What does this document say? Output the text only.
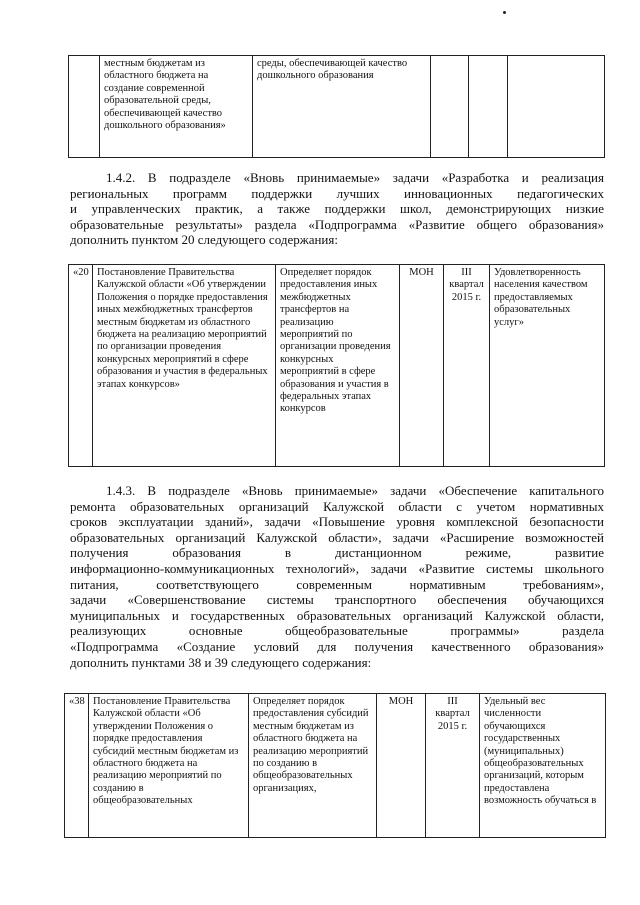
	местным бюджетам из областного бюджета на создание современной образовательной среды, обеспечивающей качество дошкольного образования»	среды, обеспечивающей качество дошкольного образования			
1.4.2. В подразделе «Вновь принимаемые» задачи «Разработка и реализация
региональных программ поддержки лучших инновационных педагогических
и управленческих практик, а также поддержки школ, демонстрирующих низкие
образовательные результаты» раздела «Подпрограмма «Развитие общего образования»
дополнить пунктом 20 следующего содержания:
«20	Постановление Правительства Калужской области «Об утверждении Положения о порядке предоставления иных межбюджетных трансфертов местным бюджетам из областного бюджета на реализацию мероприятий по организации проведения конкурсных мероприятий в сфере образования и участия в федеральных этапах конкурсов»	Определяет порядок предоставления иных межбюджетных трансфертов на реализацию мероприятий по организации проведения конкурсных мероприятий в сфере образования и участия в федеральных этапах конкурсов	МОН	III квартал 2015 г.	Удовлетворенность населения качеством предоставляемых образовательных услуг»
1.4.3. В подразделе «Вновь принимаемые» задачи «Обеспечение капитального
ремонта образовательных организаций Калужской области с учетом нормативных
сроков эксплуатации зданий», задачи «Повышение уровня комплексной безопасности
образовательных организаций Калужской области», задачи «Расширение возможностей
получения образования в дистанционном режиме, развитие
информационно-коммуникационных технологий», задачи «Развитие системы школьного
питания, соответствующего современным нормативным требованиям»,
задачи «Совершенствование системы транспортного обеспечения обучающихся
муниципальных и государственных образовательных организаций Калужской области,
реализующих основные общеобразовательные программы» раздела
«Подпрограмма «Создание условий для получения качественного образования»
дополнить пунктами 38 и 39 следующего содержания:
«38	Постановление Правительства Калужской области «Об утверждении Положения о порядке предоставления субсидий местным бюджетам из областного бюджета на реализацию мероприятий по созданию в общеобразовательных	Определяет порядок предоставления субсидий местным бюджетам из областного бюджета на реализацию мероприятий по созданию в общеобразовательных организациях,	МОН	III квартал 2015 г.	Удельный вес численности обучающихся государственных (муниципальных) общеобразовательных организаций, которым предоставлена возможность обучаться в
